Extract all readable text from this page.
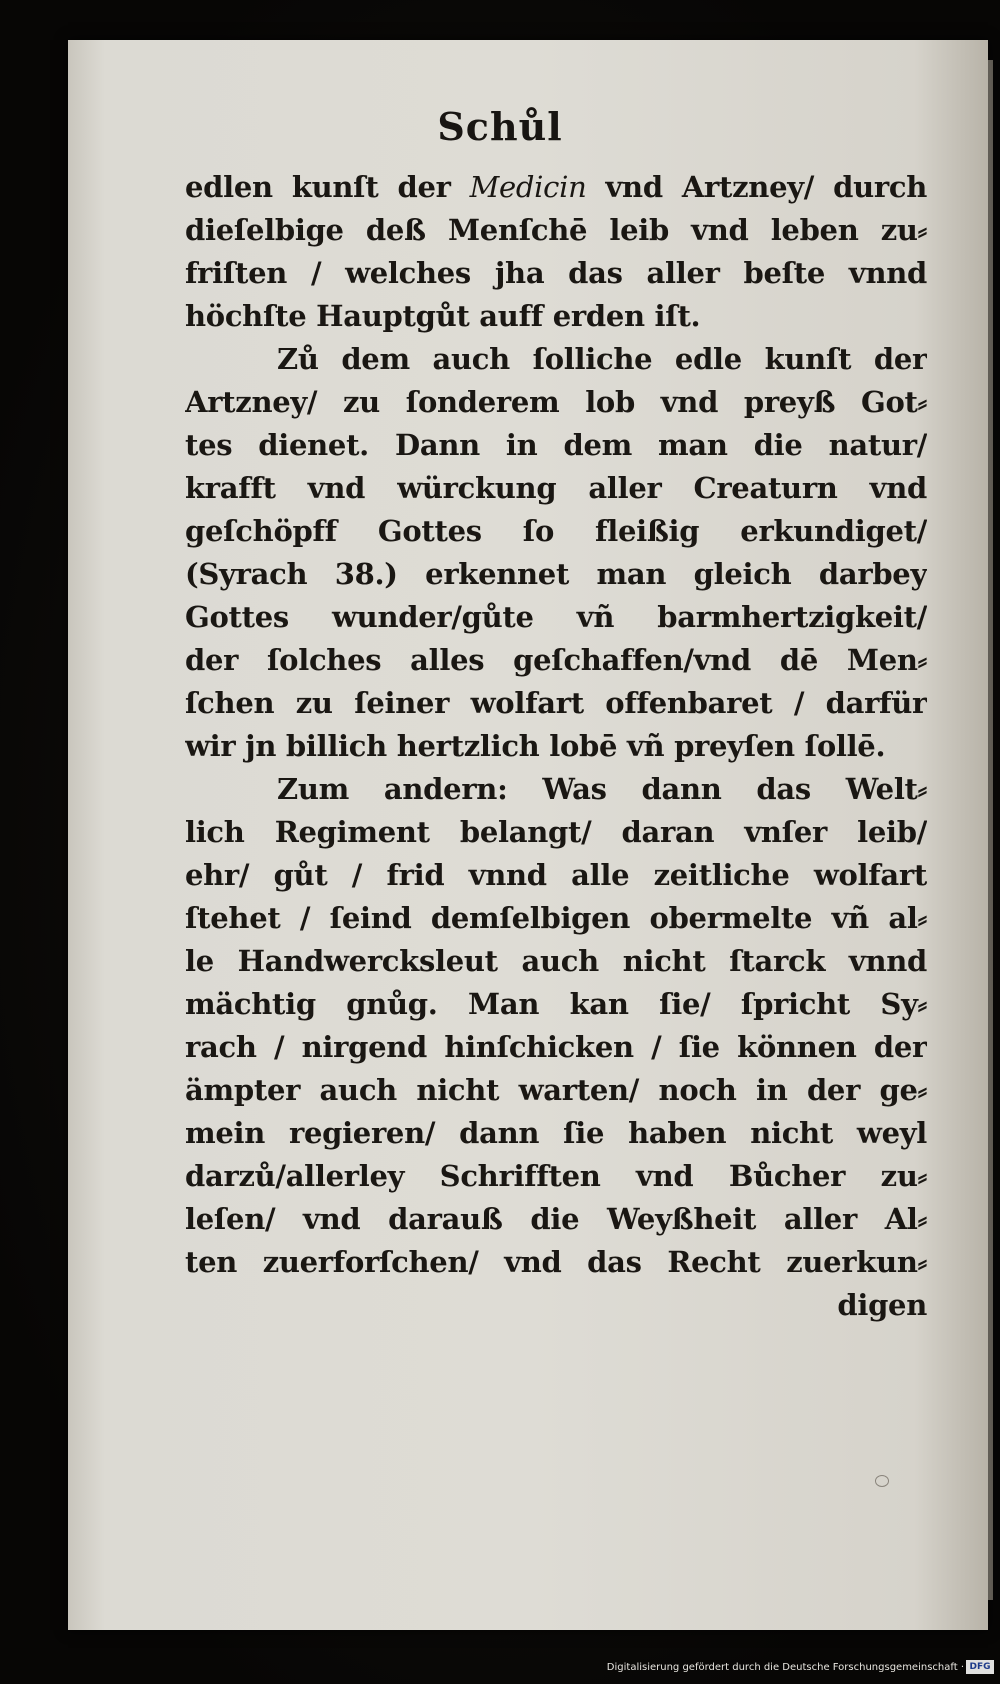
Schůl
edlen kunſt der Medicin vnd Artzney/ durch
dieſelbige deß Menſchē leib vnd leben zu⸗
friſten / welches jha das aller beſte vnnd
höchſte Hauptgůt auff erden iſt.
Zů dem auch ſolliche edle kunſt der
Artzney/ zu ſonderem lob vnd preyß Got⸗
tes dienet. Dann in dem man die natur/
krafft vnd würckung aller Creaturn vnd
geſchöpff Gottes ſo fleißig erkundiget/
(Syrach 38.) erkennet man gleich darbey
Gottes wunder/gůte vñ barmhertzigkeit/
der ſolches alles geſchaffen/vnd dē Men⸗
ſchen zu ſeiner wolfart offenbaret / darfür
wir jn billich hertzlich lobē vñ preyſen ſollē.
Zum andern: Was dann das Welt⸗
lich Regiment belangt/ daran vnſer leib/
ehr/ gůt / frid vnnd alle zeitliche wolfart
ſtehet / ſeind demſelbigen obermelte vñ al⸗
le Handwercksleut auch nicht ſtarck vnnd
mächtig gnůg. Man kan ſie/ ſpricht Sy⸗
rach / nirgend hinſchicken / ſie können der
ämpter auch nicht warten/ noch in der ge⸗
mein regieren/ dann ſie haben nicht weyl
darzů/allerley Schrifften vnd Bůcher zu⸗
leſen/ vnd darauß die Weyßheit aller Al⸗
ten zuerforſchen/ vnd das Recht zuerkun⸗
digen
Digitalisierung gefördert durch die Deutsche Forschungsgemeinschaft · DFG
